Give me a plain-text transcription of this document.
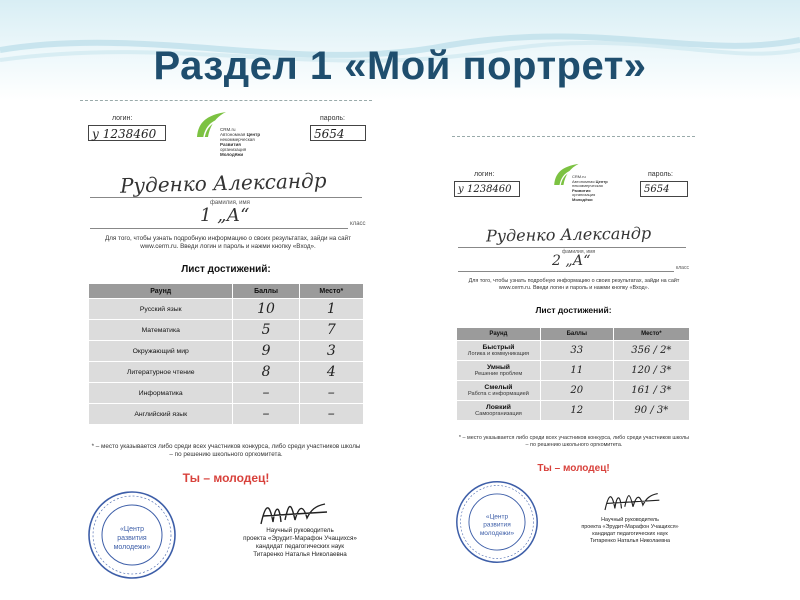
Раздел 1 «Мой портрет»
логин:
у 1238460	СRM.ru
Автономная Центр
некоммерческая Развития
организация Молодёжи
пароль:
5654
Руденко Александр
фамилия, имя
1 „А“	класс
Для того, чтобы узнать подробную информацию о своих результатах, зайди на сайт www.cerm.ru. Введи логин и пароль и нажми кнопку «Вход».
Лист достижений:
Раунд	Баллы	Место*
Русский язык	10	1
Математика	5	7
Окружающий мир	9	3
Литературное чтение	8	4
Информатика	–	–
Английский язык	–	–
* – место указывается либо среди всех участников конкурса, либо среди участников школы – по решению школьного оргкомитета.
Ты – молодец!
«Центр
развития
молодежи»
Научный руководитель
проекта «Эрудит-Марафон Учащихся»
кандидат педагогических наук
Титаренко Наталья Николаевна
логин:
у 1238460
СRM.ru
Автономная Центр
некоммерческая Развития
организация Молодёжи
пароль:
5654
Руденко Александр
фамилия, имя
2 „А“	класс
Для того, чтобы узнать подробную информацию о своих результатах, зайди на сайт www.cerm.ru. Введи логин и пароль и нажми кнопку «Вход».
Лист достижений:
Раунд	Баллы	Место*

Быстрый
Логика и коммуникация	33	356 / 2*

Умный
Решение проблем	11	120 / 3*

Смелый
Работа с информацией	20	161 / 3*

Ловкий
Самоорганизация	12	90 / 3*
* – место указывается либо среди всех участников конкурса, либо среди участников школы – по решению школьного оргкомитета.
Ты – молодец!
«Центр
развития
молодежи»
Научный руководитель
проекта «Эрудит-Марафон Учащихся»
кандидат педагогических наук
Титаренко Наталья Николаевна
